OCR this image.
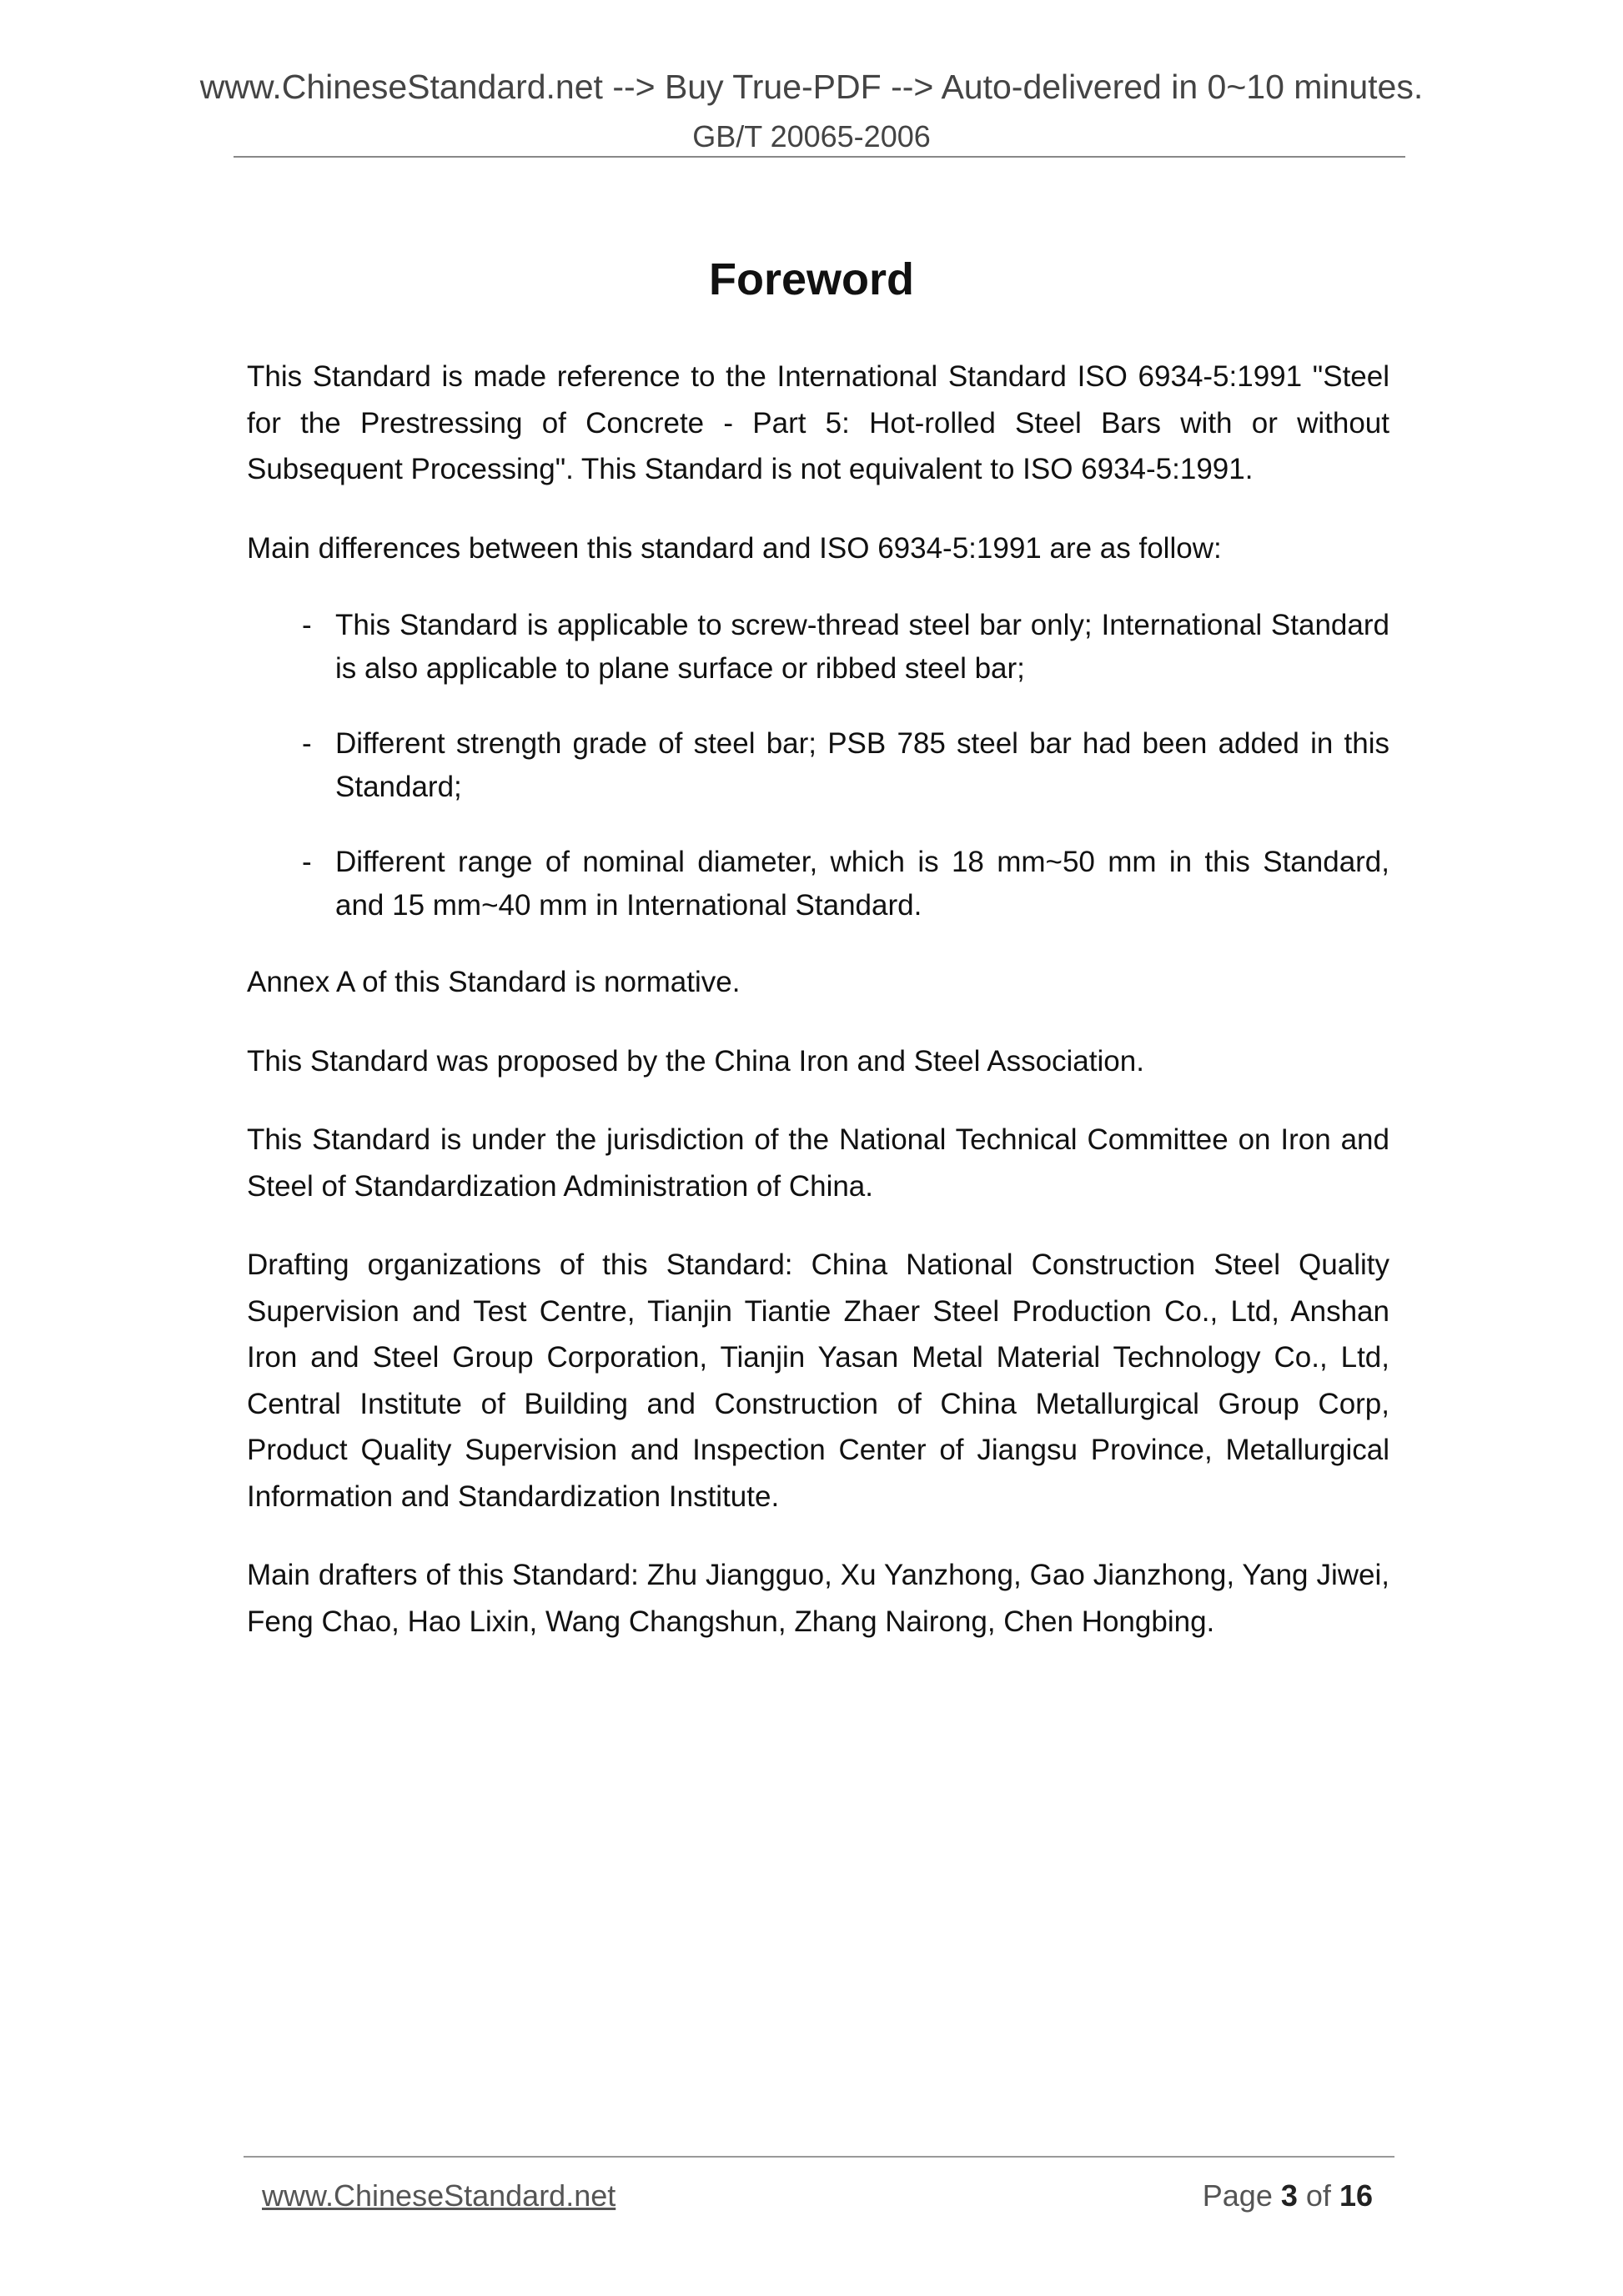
www.ChineseStandard.net --> Buy True-PDF --> Auto-delivered in 0~10 minutes.
GB/T 20065-2006
Foreword

This Standard is made reference to the International Standard ISO 6934-5:1991 "Steel for the Prestressing of Concrete - Part 5: Hot-rolled Steel Bars with or without Subsequent Processing". This Standard is not equivalent to ISO 6934-5:1991.

Main differences between this standard and ISO 6934-5:1991 are as follow:

- This Standard is applicable to screw-thread steel bar only; International Standard is also applicable to plane surface or ribbed steel bar;
- Different strength grade of steel bar; PSB 785 steel bar had been added in this Standard;
- Different range of nominal diameter, which is 18 mm~50 mm in this Standard, and 15 mm~40 mm in International Standard.

Annex A of this Standard is normative.

This Standard was proposed by the China Iron and Steel Association.

This Standard is under the jurisdiction of the National Technical Committee on Iron and Steel of Standardization Administration of China.

Drafting organizations of this Standard: China National Construction Steel Quality Supervision and Test Centre, Tianjin Tiantie Zhaer Steel Production Co., Ltd, Anshan Iron and Steel Group Corporation, Tianjin Yasan Metal Material Technology Co., Ltd, Central Institute of Building and Construction of China Metallurgical Group Corp, Product Quality Supervision and Inspection Center of Jiangsu Province, Metallurgical Information and Standardization Institute.

Main drafters of this Standard: Zhu Jiangguo, Xu Yanzhong, Gao Jianzhong, Yang Jiwei, Feng Chao, Hao Lixin, Wang Changshun, Zhang Nairong, Chen Hongbing.

www.ChineseStandard.net	Page 3 of 16
